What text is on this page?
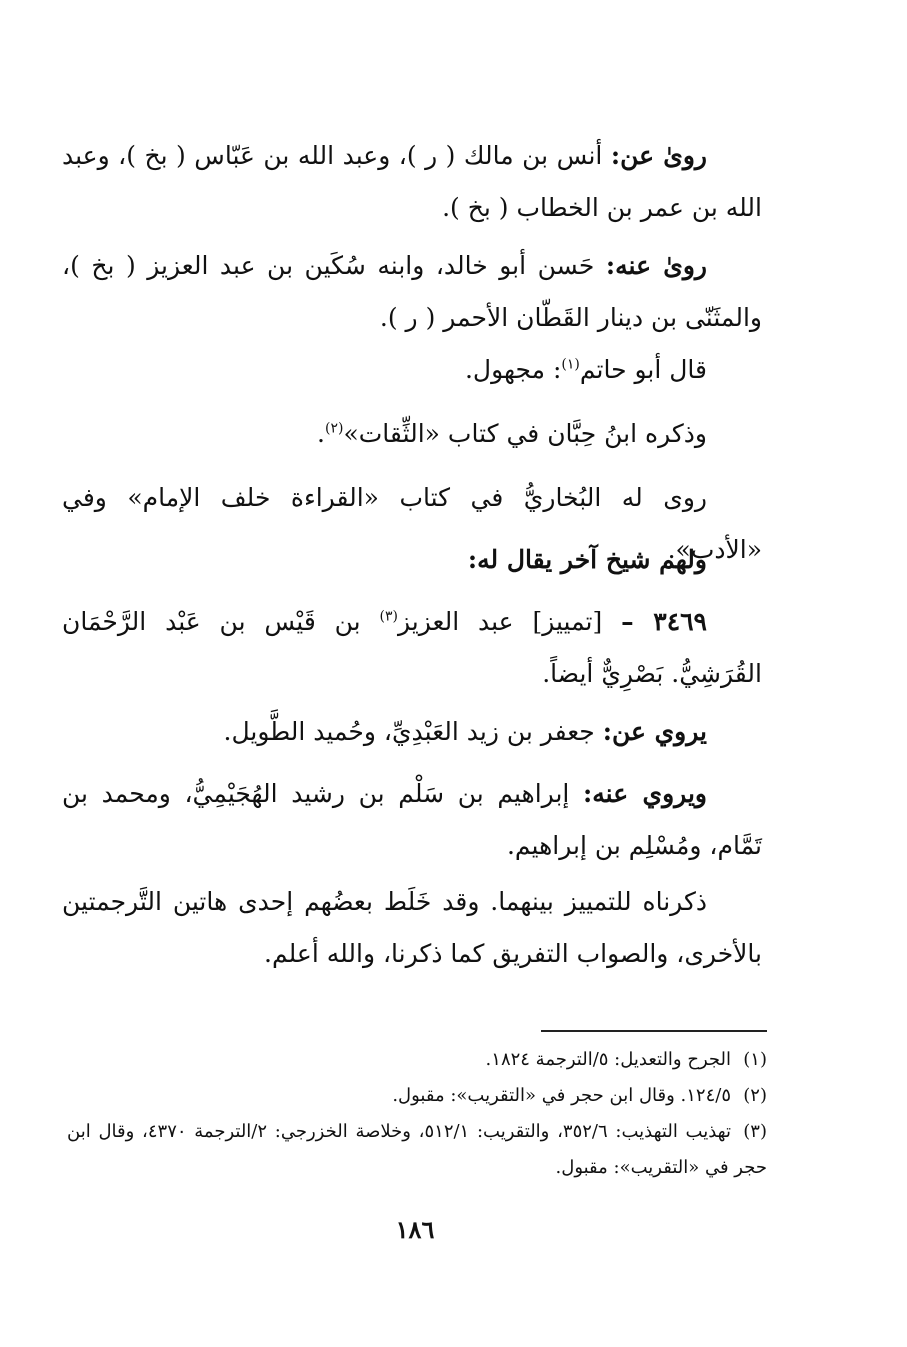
رویٰ عن: أنس بن مالك ( ر )، وعبد الله بن عَبّاس ( بخ )، وعبد الله بن عمر بن الخطاب ( بخ ).

رویٰ عنه: حَسن أبو خالد، وابنه سُكَين بن عبد العزيز ( بخ )، والمثَنّى بن دينار القَطّان الأحمر ( ر ).

قال أبو حاتم$^{(١)}$: مجهول.

وذكره ابنُ حِبَّان في كتاب «الثِّقات»$^{(٢)}$.

روى له البُخاريُّ في كتاب «القراءة خلف الإمام» وفي «الأدب».

ولهم شيخ آخر يقال له:

٣٤٦٩ – [تمييز] عبد العزيز$^{(٣)}$ بن قَيْس بن عَبْد الرَّحْمَان القُرَشِيُّ. بَصْرِيٌّ أيضاً.

يروي عن: جعفر بن زيد العَبْدِيِّ، وحُميد الطَّويل.

ويروي عنه: إبراهيم بن سَلْم بن رشيد الهُجَيْمِيُّ، ومحمد بن تَمَّام، ومُسْلِم بن إبراهيم.

ذكرناه للتمييز بينهما. وقد خَلَط بعضُهم إحدى هاتين التَّرجمتين بالأخرى، والصواب التفريق كما ذكرنا، والله أعلم.

(١)الجرح والتعديل: ٥/الترجمة ١٨٢٤.

(٢)١٢٤/٥. وقال ابن حجر في «التقريب»: مقبول.

(٣)تهذيب التهذيب: ٣٥٢/٦، والتقريب: ٥١٢/١، وخلاصة الخزرجي: ٢/الترجمة ٤٣٧٠، وقال ابن حجر في «التقريب»: مقبول.

١٨٦
